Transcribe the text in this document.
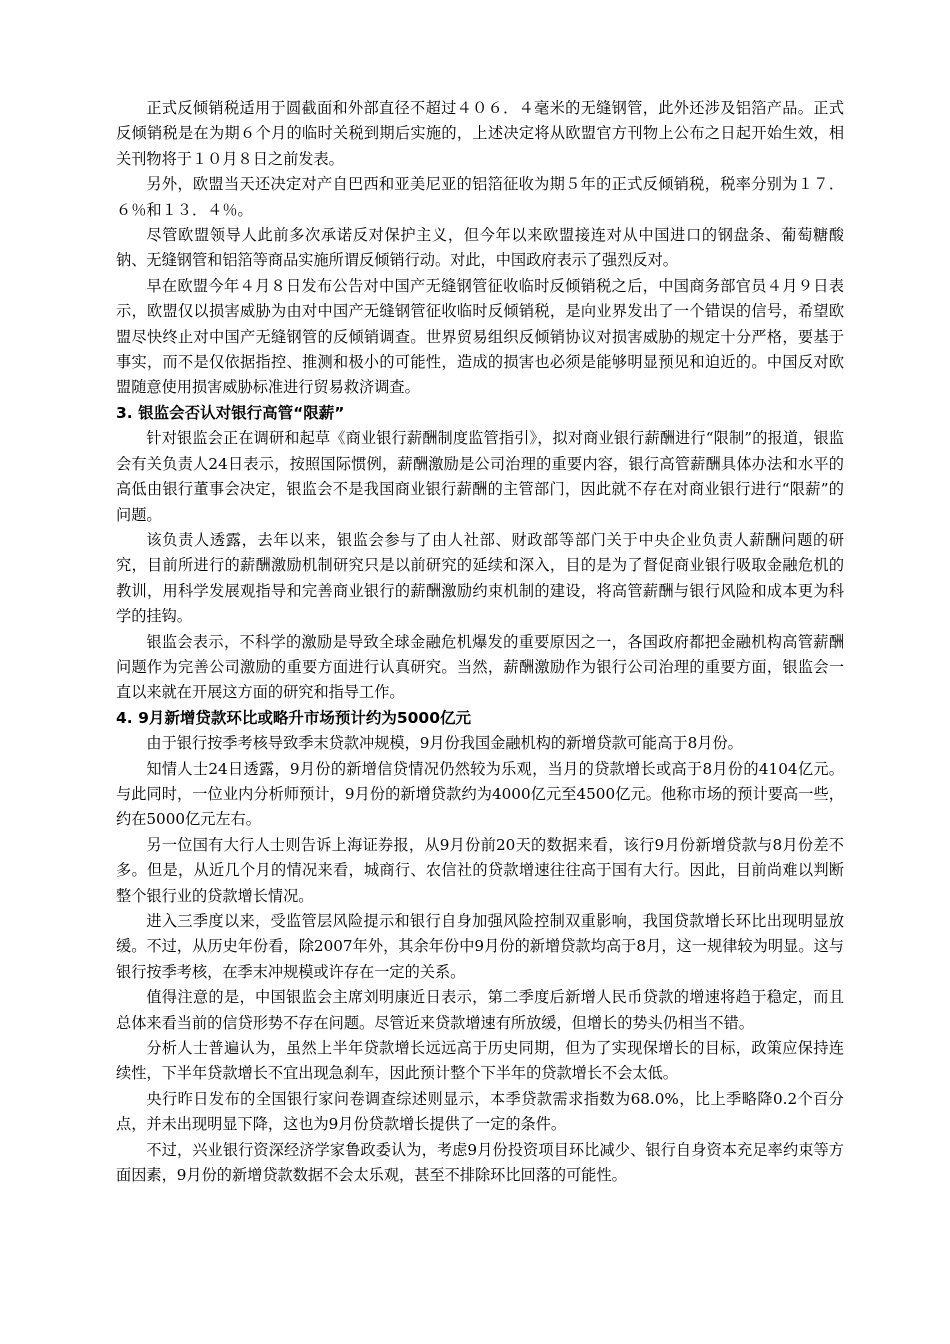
正式反倾销税适用于圆截面和外部直径不超过４０６．４毫米的无缝钢管，此外还涉及铝箔产品。正式反倾销税是在为期６个月的临时关税到期后实施的，上述决定将从欧盟官方刊物上公布之日起开始生效，相关刊物将于１０月８日之前发表。

另外，欧盟当天还决定对产自巴西和亚美尼亚的铝箔征收为期５年的正式反倾销税，税率分别为１７．６％和１３．４％。

尽管欧盟领导人此前多次承诺反对保护主义，但今年以来欧盟接连对从中国进口的钢盘条、葡萄糖酸钠、无缝钢管和铝箔等商品实施所谓反倾销行动。对此，中国政府表示了强烈反对。

早在欧盟今年４月８日发布公告对中国产无缝钢管征收临时反倾销税之后，中国商务部官员４月９日表示，欧盟仅以损害威胁为由对中国产无缝钢管征收临时反倾销税，是向业界发出了一个错误的信号，希望欧盟尽快终止对中国产无缝钢管的反倾销调查。世界贸易组织反倾销协议对损害威胁的规定十分严格，要基于事实，而不是仅依据指控、推测和极小的可能性，造成的损害也必须是能够明显预见和迫近的。中国反对欧盟随意使用损害威胁标准进行贸易救济调查。

3. 银监会否认对银行高管“限薪”

针对银监会正在调研和起草《商业银行薪酬制度监管指引》，拟对商业银行薪酬进行“限制”的报道，银监会有关负责人24日表示，按照国际惯例，薪酬激励是公司治理的重要内容，银行高管薪酬具体办法和水平的高低由银行董事会决定，银监会不是我国商业银行薪酬的主管部门，因此就不存在对商业银行进行“限薪”的问题。

该负责人透露，去年以来，银监会参与了由人社部、财政部等部门关于中央企业负责人薪酬问题的研究，目前所进行的薪酬激励机制研究只是以前研究的延续和深入，目的是为了督促商业银行吸取金融危机的教训，用科学发展观指导和完善商业银行的薪酬激励约束机制的建设，将高管薪酬与银行风险和成本更为科学的挂钩。

银监会表示，不科学的激励是导致全球金融危机爆发的重要原因之一，各国政府都把金融机构高管薪酬问题作为完善公司激励的重要方面进行认真研究。当然，薪酬激励作为银行公司治理的重要方面，银监会一直以来就在开展这方面的研究和指导工作。

4. 9月新增贷款环比或略升市场预计约为5000亿元

由于银行按季考核导致季末贷款冲规模，9月份我国金融机构的新增贷款可能高于8月份。

知情人士24日透露，9月份的新增信贷情况仍然较为乐观，当月的贷款增长或高于8月份的4104亿元。与此同时，一位业内分析师预计，9月份的新增贷款约为4000亿元至4500亿元。他称市场的预计要高一些，约在5000亿元左右。

另一位国有大行人士则告诉上海证券报，从9月份前20天的数据来看，该行9月份新增贷款与8月份差不多。但是，从近几个月的情况来看，城商行、农信社的贷款增速往往高于国有大行。因此，目前尚难以判断整个银行业的贷款增长情况。

进入三季度以来，受监管层风险提示和银行自身加强风险控制双重影响，我国贷款增长环比出现明显放缓。不过，从历史年份看，除2007年外，其余年份中9月份的新增贷款均高于8月，这一规律较为明显。这与银行按季考核，在季末冲规模或许存在一定的关系。

值得注意的是，中国银监会主席刘明康近日表示，第二季度后新增人民币贷款的增速将趋于稳定，而且总体来看当前的信贷形势不存在问题。尽管近来贷款增速有所放缓，但增长的势头仍相当不错。

分析人士普遍认为，虽然上半年贷款增长远远高于历史同期，但为了实现保增长的目标，政策应保持连续性，下半年贷款增长不宜出现急刹车，因此预计整个下半年的贷款增长不会太低。

央行昨日发布的全国银行家问卷调查综述则显示，本季贷款需求指数为68.0%，比上季略降0.2个百分点，并未出现明显下降，这也为9月份贷款增长提供了一定的条件。

不过，兴业银行资深经济学家鲁政委认为，考虑9月份投资项目环比减少、银行自身资本充足率约束等方面因素，9月份的新增贷款数据不会太乐观，甚至不排除环比回落的可能性。
